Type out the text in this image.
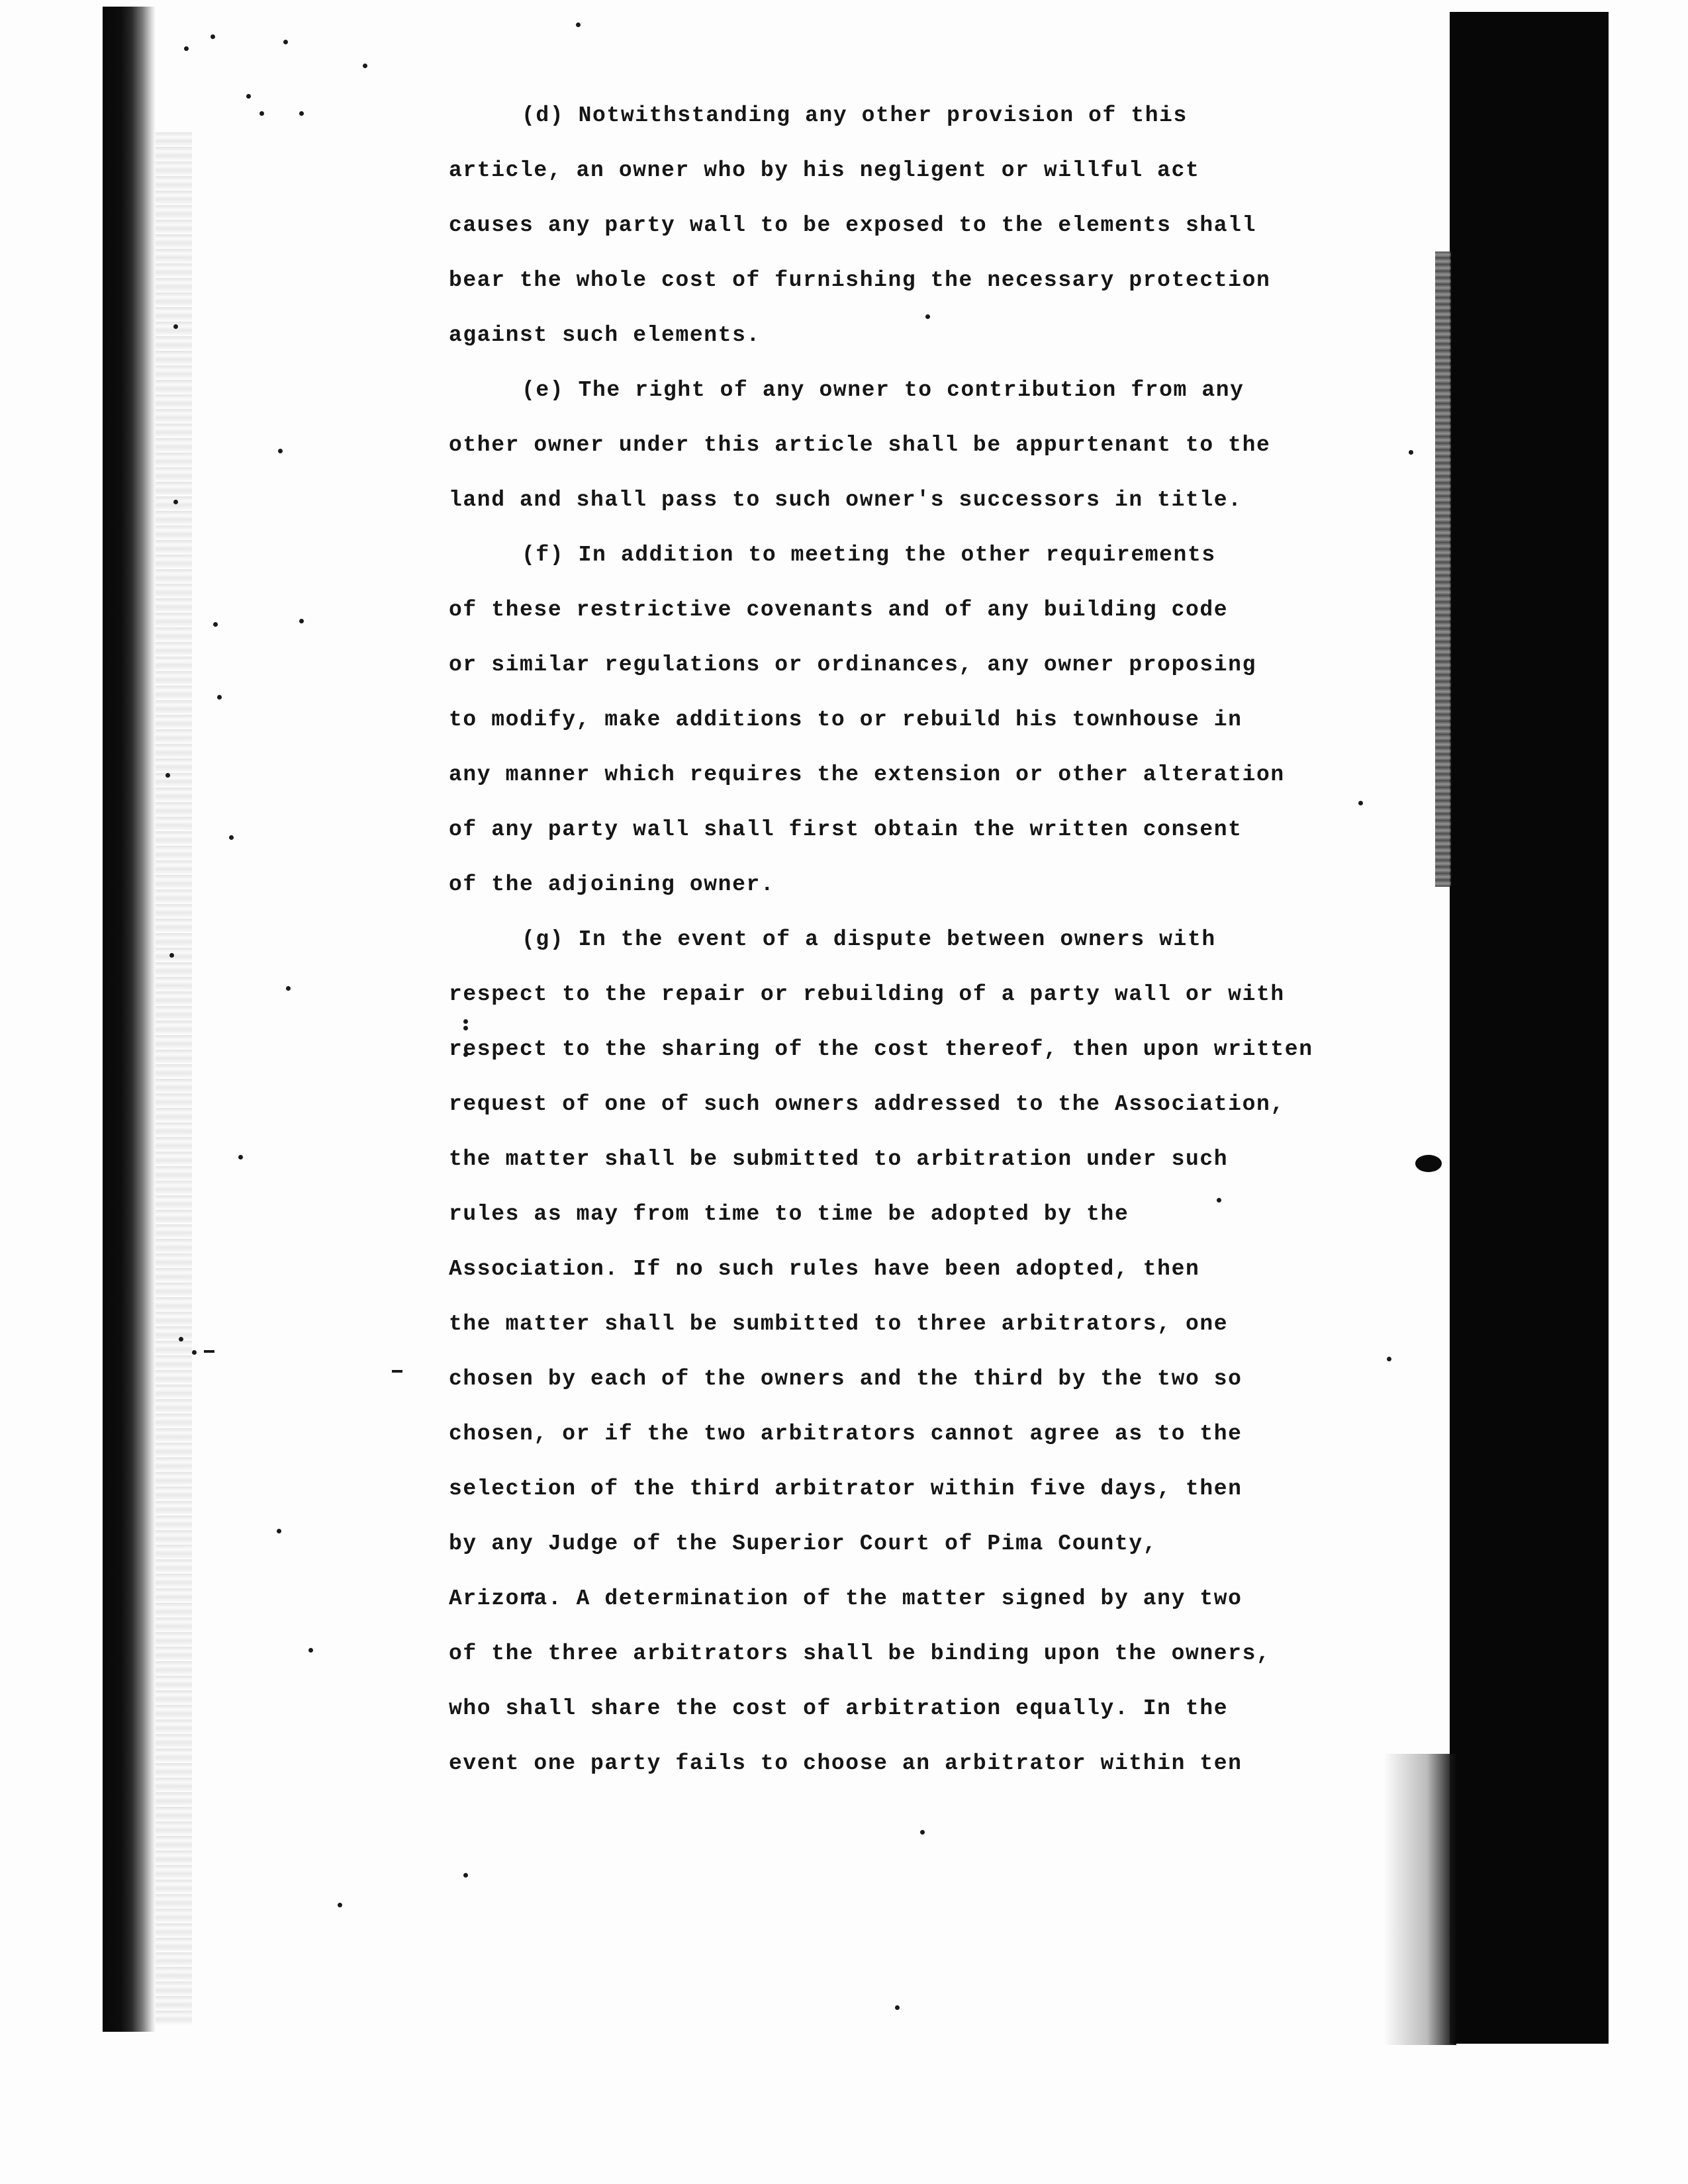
(d) Notwithstanding any other provision of this
article, an owner who by his negligent or willful act
causes any party wall to be exposed to the elements shall
bear the whole cost of furnishing the necessary protection
against such elements.
(e) The right of any owner to contribution from any
other owner under this article shall be appurtenant to the
land and shall pass to such owner's successors in title.
(f) In addition to meeting the other requirements
of these restrictive covenants and of any building code
or similar regulations or ordinances, any owner proposing
to modify, make additions to or rebuild his townhouse in
any manner which requires the extension or other alteration
of any party wall shall first obtain the written consent
of the adjoining owner.
(g) In the event of a dispute between owners with
respect to the repair or rebuilding of a party wall or with
respect to the sharing of the cost thereof, then upon written
request of one of such owners addressed to the Association,
the matter shall be submitted to arbitration under such
rules as may from time to time be adopted by the
Association. If no such rules have been adopted, then
the matter shall be sumbitted to three arbitrators, one
chosen by each of the owners and the third by the two so
chosen, or if the two arbitrators cannot agree as to the
selection of the third arbitrator within five days, then
by any Judge of the Superior Court of Pima County,
Arizona. A determination of the matter signed by any two
of the three arbitrators shall be binding upon the owners,
who shall share the cost of arbitration equally. In the
event one party fails to choose an arbitrator within ten
